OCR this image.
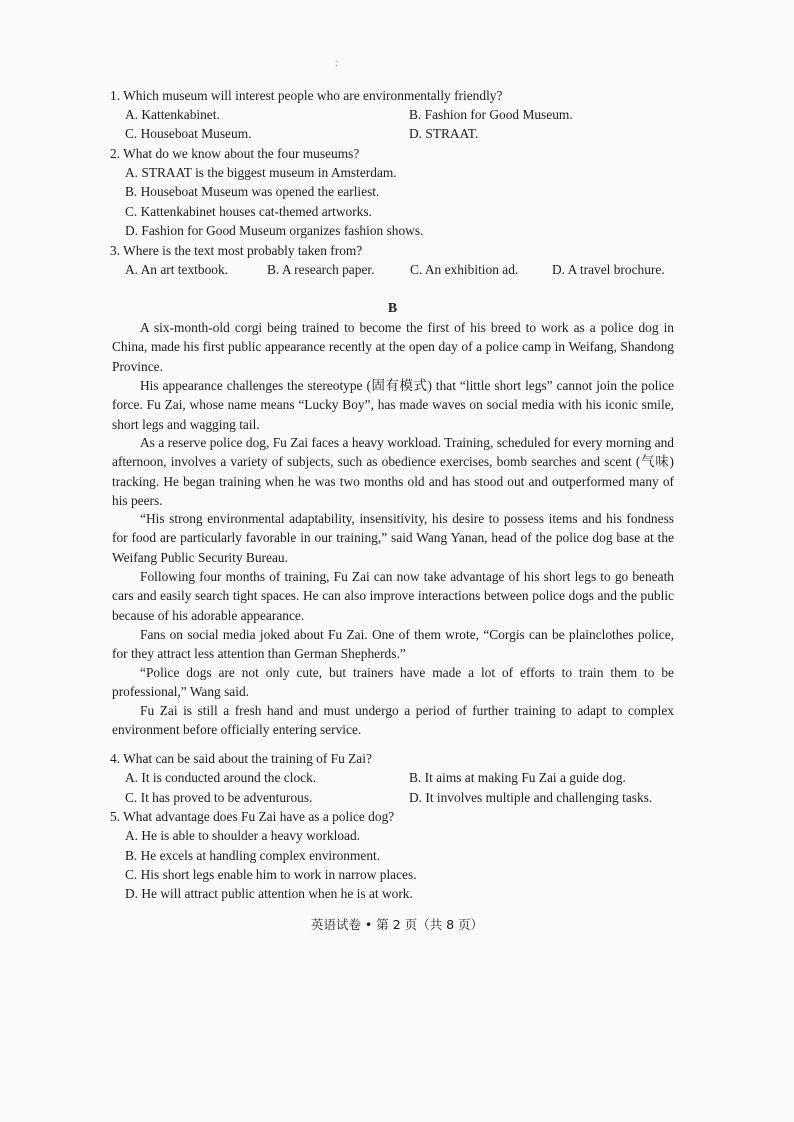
:
1. Which museum will interest people who are environmentally friendly?
A. Kattenkabinet.	B. Fashion for Good Museum.
C. Houseboat Museum.	D. STRAAT.
2. What do we know about the four museums?
A. STRAAT is the biggest museum in Amsterdam.
B. Houseboat Museum was opened the earliest.
C. Kattenkabinet houses cat-themed artworks.
D. Fashion for Good Museum organizes fashion shows.
3. Where is the text most probably taken from?
A. An art textbook.	B. A research paper.	C. An exhibition ad.	D. A travel brochure.
B

A six-month-old corgi being trained to become the first of his breed to work as a police dog in China, made his first public appearance recently at the open day of a police camp in Weifang, Shandong Province.

His appearance challenges the stereotype (固有模式) that “little short legs” cannot join the police force. Fu Zai, whose name means “Lucky Boy”, has made waves on social media with his iconic smile, short legs and wagging tail.

As a reserve police dog, Fu Zai faces a heavy workload. Training, scheduled for every morning and afternoon, involves a variety of subjects, such as obedience exercises, bomb searches and scent (气味) tracking. He began training when he was two months old and has stood out and outperformed many of his peers.

“His strong environmental adaptability, insensitivity, his desire to possess items and his fondness for food are particularly favorable in our training,” said Wang Yanan, head of the police dog base at the Weifang Public Security Bureau.

Following four months of training, Fu Zai can now take advantage of his short legs to go beneath cars and easily search tight spaces. He can also improve interactions between police dogs and the public because of his adorable appearance.

Fans on social media joked about Fu Zai. One of them wrote, “Corgis can be plainclothes police, for they attract less attention than German Shepherds.”

“Police dogs are not only cute, but trainers have made a lot of efforts to train them to be professional,” Wang said.

Fu Zai is still a fresh hand and must undergo a period of further training to adapt to complex environment before officially entering service.

4. What can be said about the training of Fu Zai?
A. It is conducted around the clock.	B. It aims at making Fu Zai a guide dog.
C. It has proved to be adventurous.	D. It involves multiple and challenging tasks.
5. What advantage does Fu Zai have as a police dog?
A. He is able to shoulder a heavy workload.
B. He excels at handling complex environment.
C. His short legs enable him to work in narrow places.
D. He will attract public attention when he is at work.
英语试卷 • 第 2 页（共 8 页）
